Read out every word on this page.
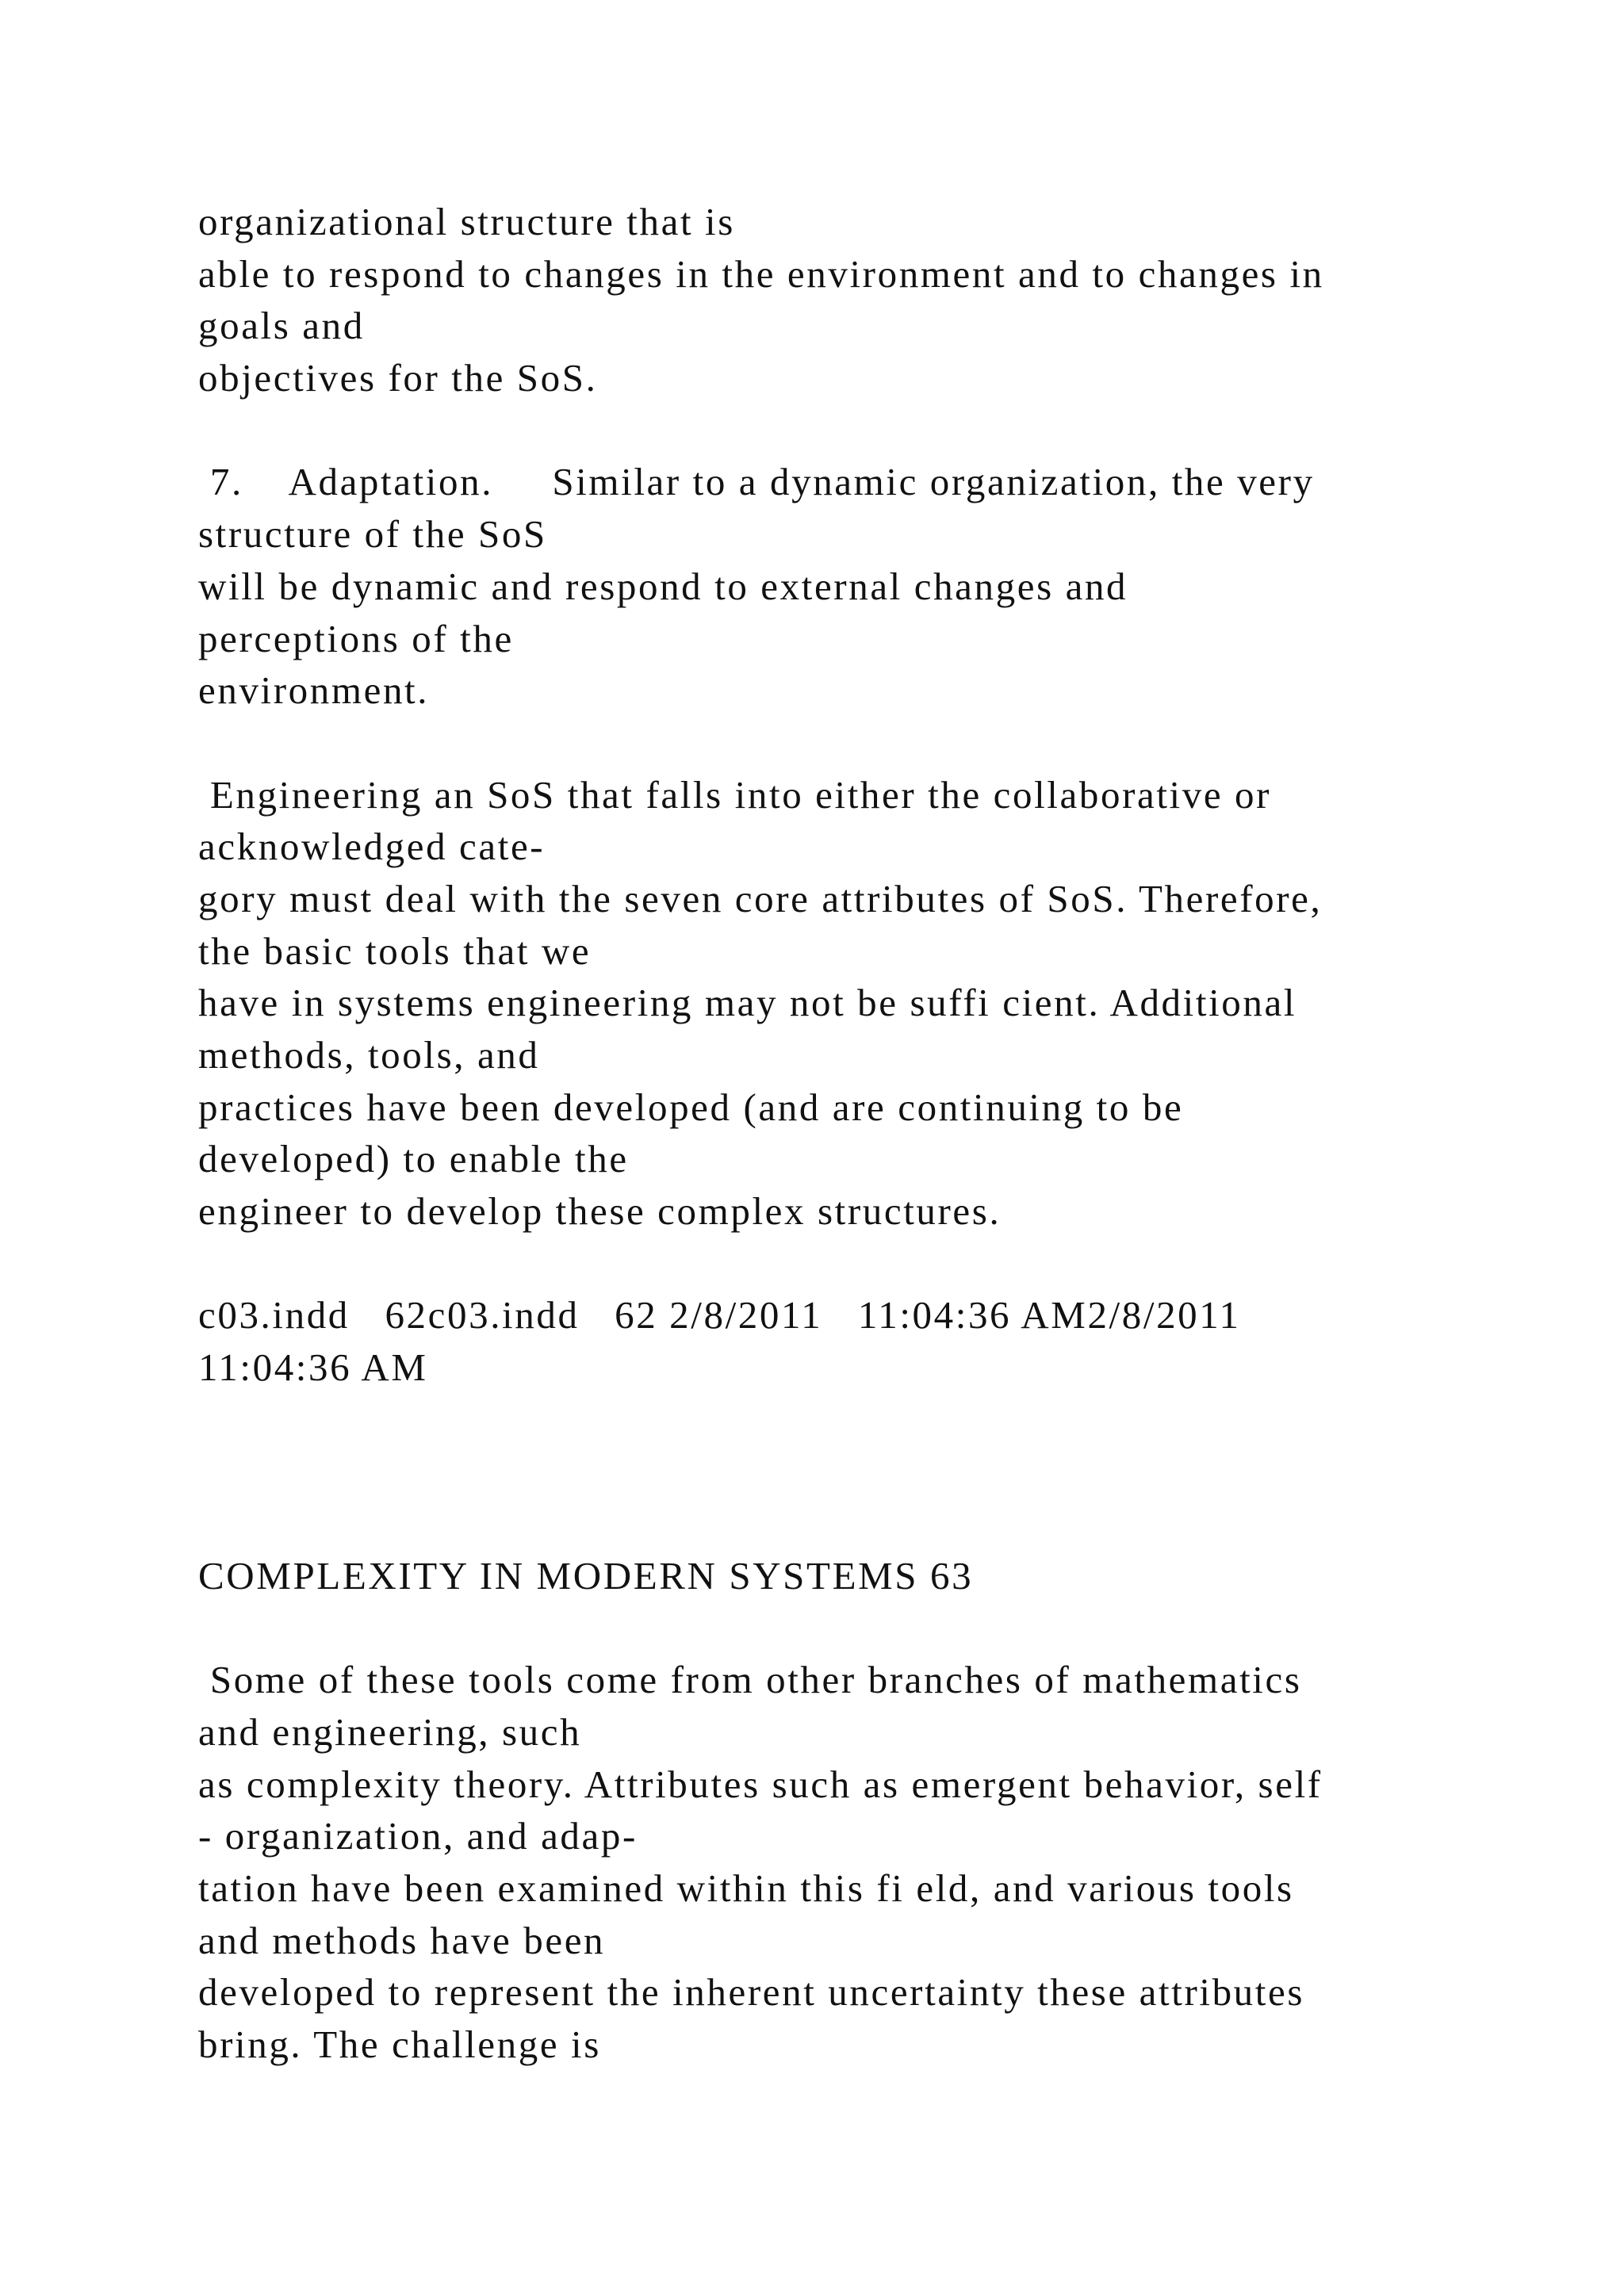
organizational structure that is
able to respond to changes in the environment and to changes in
goals and
objectives for the SoS.
7.    Adaptation.     Similar to a dynamic organization, the very
structure of the SoS
will be dynamic and respond to external changes and
perceptions of the
environment.
Engineering an SoS that falls into either the collaborative or
acknowledged cate-
gory must deal with the seven core attributes of SoS. Therefore,
the basic tools that we
have in systems engineering may not be suffi cient. Additional
methods, tools, and
practices have been developed (and are continuing to be
developed) to enable the
engineer to develop these complex structures.
c03.indd   62c03.indd   62 2/8/2011   11:04:36 AM2/8/2011
11:04:36 AM
COMPLEXITY IN MODERN SYSTEMS 63
Some of these tools come from other branches of mathematics
and engineering, such
as complexity theory. Attributes such as emergent behavior, self
- organization, and adap-
tation have been examined within this fi eld, and various tools
and methods have been
developed to represent the inherent uncertainty these attributes
bring. The challenge is
